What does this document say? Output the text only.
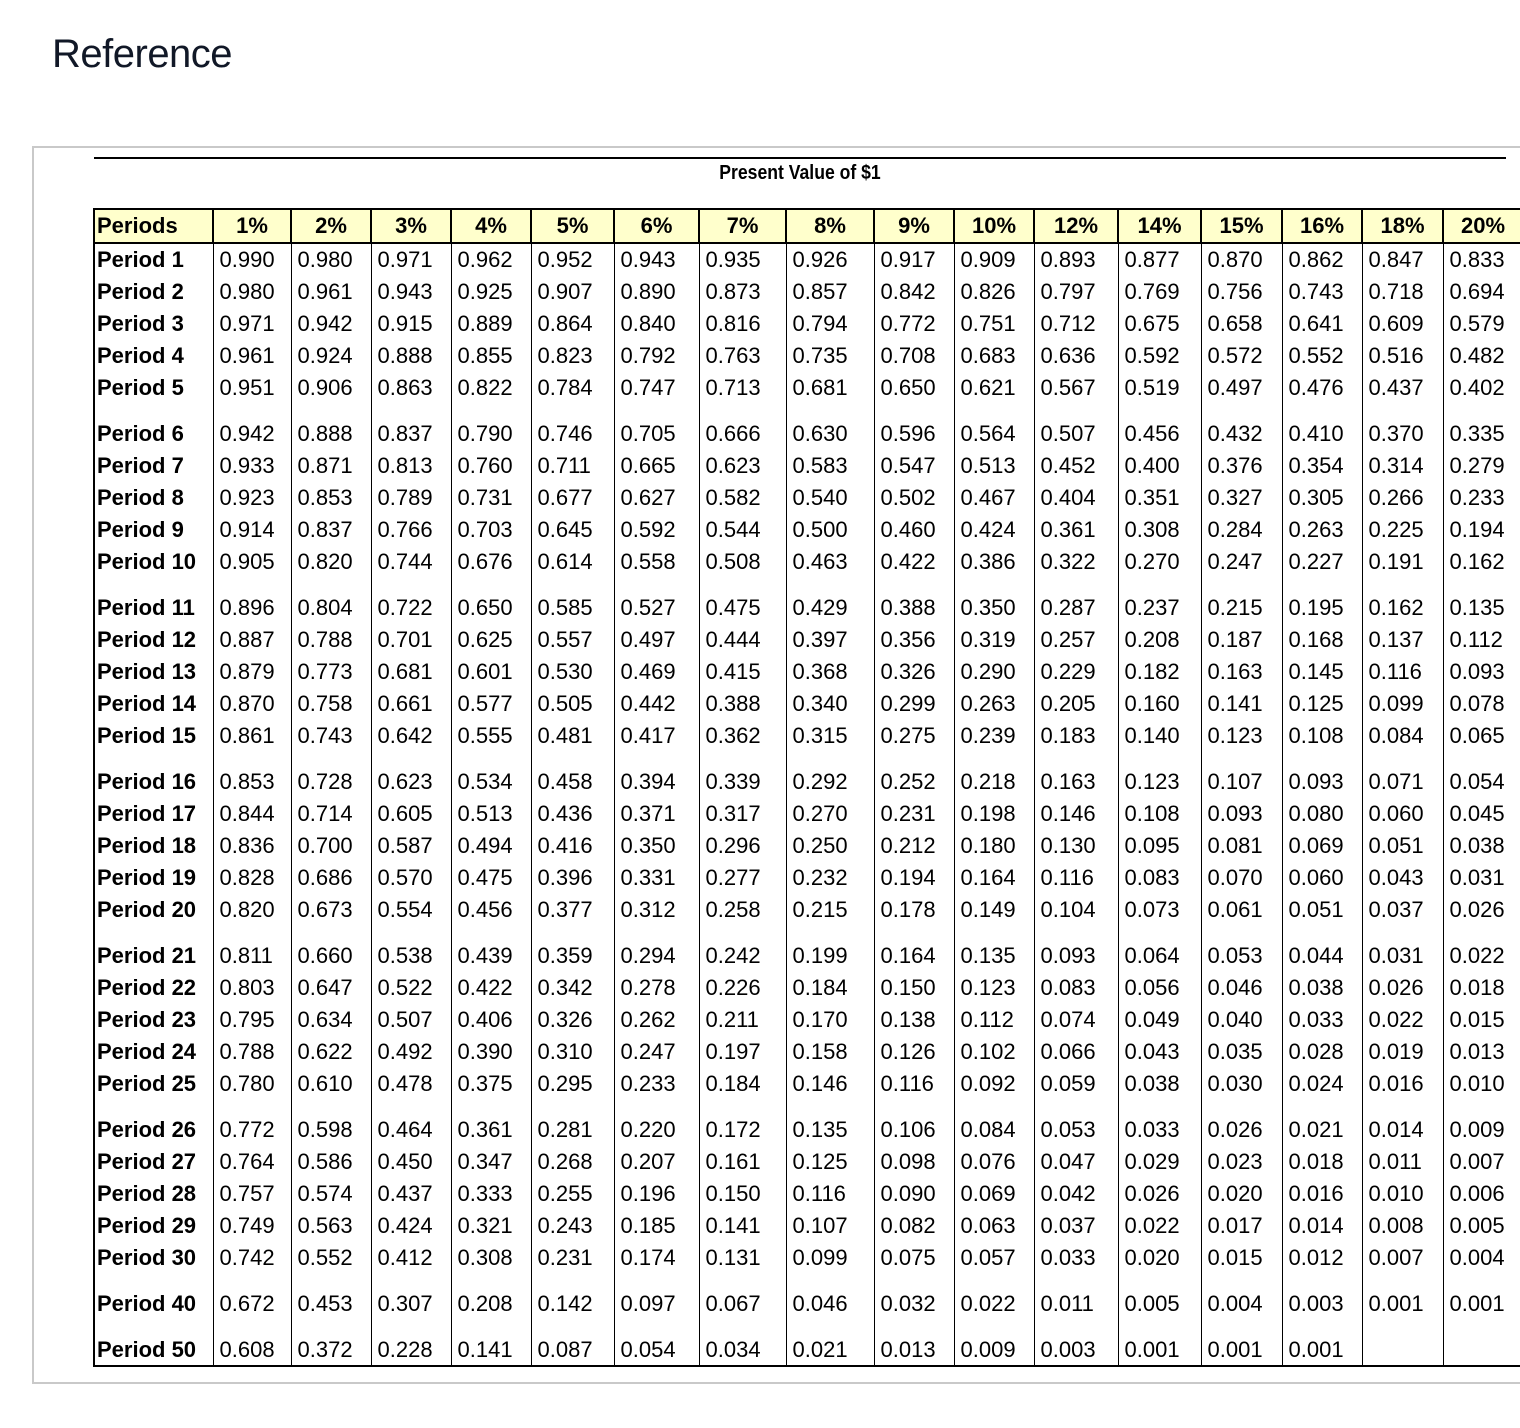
Reference
Present Value of $1
Periods	1%	2%	3%	4%	5%	6%	7%	8%	9%	10%	12%	14%	15%	16%	18%	20%
Period 1	0.990	0.980	0.971	0.962	0.952	0.943	0.935	0.926	0.917	0.909	0.893	0.877	0.870	0.862	0.847	0.833
Period 2	0.980	0.961	0.943	0.925	0.907	0.890	0.873	0.857	0.842	0.826	0.797	0.769	0.756	0.743	0.718	0.694
Period 3	0.971	0.942	0.915	0.889	0.864	0.840	0.816	0.794	0.772	0.751	0.712	0.675	0.658	0.641	0.609	0.579
Period 4	0.961	0.924	0.888	0.855	0.823	0.792	0.763	0.735	0.708	0.683	0.636	0.592	0.572	0.552	0.516	0.482
Period 5	0.951	0.906	0.863	0.822	0.784	0.747	0.713	0.681	0.650	0.621	0.567	0.519	0.497	0.476	0.437	0.402
Period 6	0.942	0.888	0.837	0.790	0.746	0.705	0.666	0.630	0.596	0.564	0.507	0.456	0.432	0.410	0.370	0.335
Period 7	0.933	0.871	0.813	0.760	0.711	0.665	0.623	0.583	0.547	0.513	0.452	0.400	0.376	0.354	0.314	0.279
Period 8	0.923	0.853	0.789	0.731	0.677	0.627	0.582	0.540	0.502	0.467	0.404	0.351	0.327	0.305	0.266	0.233
Period 9	0.914	0.837	0.766	0.703	0.645	0.592	0.544	0.500	0.460	0.424	0.361	0.308	0.284	0.263	0.225	0.194
Period 10	0.905	0.820	0.744	0.676	0.614	0.558	0.508	0.463	0.422	0.386	0.322	0.270	0.247	0.227	0.191	0.162
Period 11	0.896	0.804	0.722	0.650	0.585	0.527	0.475	0.429	0.388	0.350	0.287	0.237	0.215	0.195	0.162	0.135
Period 12	0.887	0.788	0.701	0.625	0.557	0.497	0.444	0.397	0.356	0.319	0.257	0.208	0.187	0.168	0.137	0.112
Period 13	0.879	0.773	0.681	0.601	0.530	0.469	0.415	0.368	0.326	0.290	0.229	0.182	0.163	0.145	0.116	0.093
Period 14	0.870	0.758	0.661	0.577	0.505	0.442	0.388	0.340	0.299	0.263	0.205	0.160	0.141	0.125	0.099	0.078
Period 15	0.861	0.743	0.642	0.555	0.481	0.417	0.362	0.315	0.275	0.239	0.183	0.140	0.123	0.108	0.084	0.065
Period 16	0.853	0.728	0.623	0.534	0.458	0.394	0.339	0.292	0.252	0.218	0.163	0.123	0.107	0.093	0.071	0.054
Period 17	0.844	0.714	0.605	0.513	0.436	0.371	0.317	0.270	0.231	0.198	0.146	0.108	0.093	0.080	0.060	0.045
Period 18	0.836	0.700	0.587	0.494	0.416	0.350	0.296	0.250	0.212	0.180	0.130	0.095	0.081	0.069	0.051	0.038
Period 19	0.828	0.686	0.570	0.475	0.396	0.331	0.277	0.232	0.194	0.164	0.116	0.083	0.070	0.060	0.043	0.031
Period 20	0.820	0.673	0.554	0.456	0.377	0.312	0.258	0.215	0.178	0.149	0.104	0.073	0.061	0.051	0.037	0.026
Period 21	0.811	0.660	0.538	0.439	0.359	0.294	0.242	0.199	0.164	0.135	0.093	0.064	0.053	0.044	0.031	0.022
Period 22	0.803	0.647	0.522	0.422	0.342	0.278	0.226	0.184	0.150	0.123	0.083	0.056	0.046	0.038	0.026	0.018
Period 23	0.795	0.634	0.507	0.406	0.326	0.262	0.211	0.170	0.138	0.112	0.074	0.049	0.040	0.033	0.022	0.015
Period 24	0.788	0.622	0.492	0.390	0.310	0.247	0.197	0.158	0.126	0.102	0.066	0.043	0.035	0.028	0.019	0.013
Period 25	0.780	0.610	0.478	0.375	0.295	0.233	0.184	0.146	0.116	0.092	0.059	0.038	0.030	0.024	0.016	0.010
Period 26	0.772	0.598	0.464	0.361	0.281	0.220	0.172	0.135	0.106	0.084	0.053	0.033	0.026	0.021	0.014	0.009
Period 27	0.764	0.586	0.450	0.347	0.268	0.207	0.161	0.125	0.098	0.076	0.047	0.029	0.023	0.018	0.011	0.007
Period 28	0.757	0.574	0.437	0.333	0.255	0.196	0.150	0.116	0.090	0.069	0.042	0.026	0.020	0.016	0.010	0.006
Period 29	0.749	0.563	0.424	0.321	0.243	0.185	0.141	0.107	0.082	0.063	0.037	0.022	0.017	0.014	0.008	0.005
Period 30	0.742	0.552	0.412	0.308	0.231	0.174	0.131	0.099	0.075	0.057	0.033	0.020	0.015	0.012	0.007	0.004
Period 40	0.672	0.453	0.307	0.208	0.142	0.097	0.067	0.046	0.032	0.022	0.011	0.005	0.004	0.003	0.001	0.001
Period 50	0.608	0.372	0.228	0.141	0.087	0.054	0.034	0.021	0.013	0.009	0.003	0.001	0.001	0.001		
